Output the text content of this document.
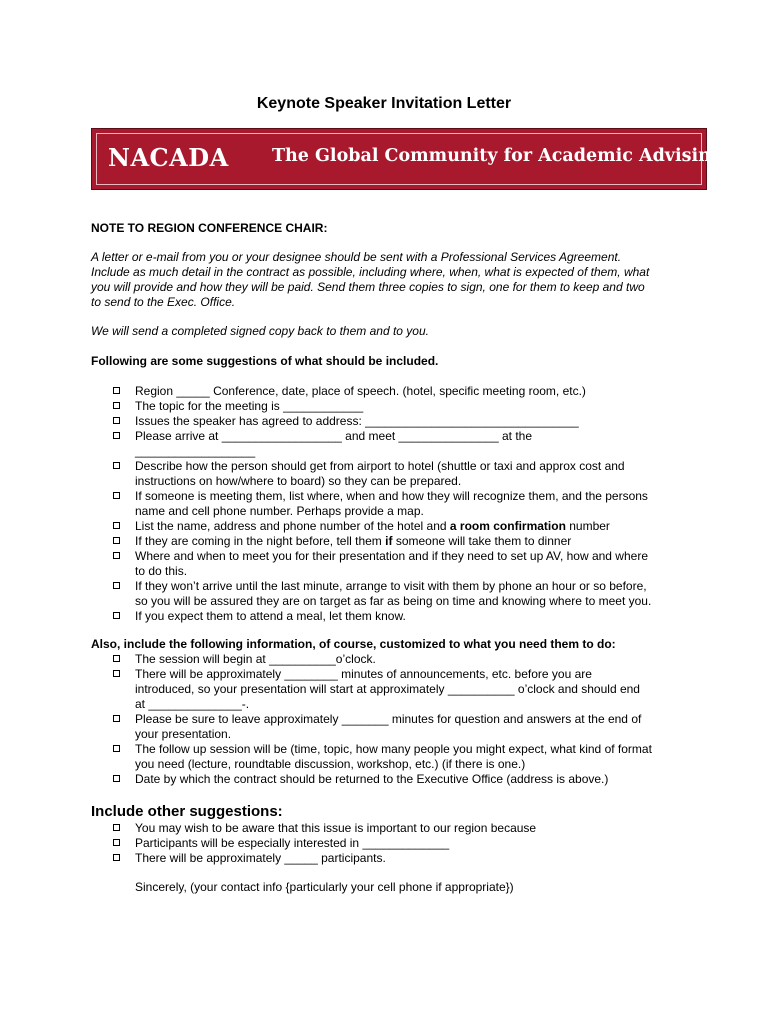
Keynote Speaker Invitation Letter
NACADA The Global Community for Academic Advising
NOTE TO REGION CONFERENCE CHAIR:
A letter or e-mail from you or your designee should be sent with a Professional Services Agreement.
Include as much detail in the contract as possible, including where, when, what is expected of them, what
you will provide and how they will be paid. Send them three copies to sign, one for them to keep and two
to send to the Exec. Office.
We will send a completed signed copy back to them and to you.
Following are some suggestions of what should be included.
Region _____ Conference, date, place of speech. (hotel, specific meeting room, etc.)
The topic for the meeting is ____________
Issues the speaker has agreed to address: ________________________________
Please arrive at __________________ and meet _______________ at the
__________________
Describe how the person should get from airport to hotel (shuttle or taxi and approx cost and
instructions on how/where to board) so they can be prepared.
If someone is meeting them, list where, when and how they will recognize them, and the persons
name and cell phone number. Perhaps provide a map.
List the name, address and phone number of the hotel and a room confirmation number
If they are coming in the night before, tell them if someone will take them to dinner
Where and when to meet you for their presentation and if they need to set up AV, how and where
to do this.
If they won’t arrive until the last minute, arrange to visit with them by phone an hour or so before,
so you will be assured they are on target as far as being on time and knowing where to meet you.
If you expect them to attend a meal, let them know.
Also, include the following information, of course, customized to what you need them to do:
The session will begin at __________o’clock.
There will be approximately ________ minutes of announcements, etc. before you are
introduced, so your presentation will start at approximately __________ o’clock and should end
at ______________-.
Please be sure to leave approximately _______ minutes for question and answers at the end of
your presentation.
The follow up session will be (time, topic, how many people you might expect, what kind of format
you need (lecture, roundtable discussion, workshop, etc.) (if there is one.)
Date by which the contract should be returned to the Executive Office (address is above.)
Include other suggestions:
You may wish to be aware that this issue is important to our region because
Participants will be especially interested in _____________
There will be approximately _____ participants.
Sincerely, (your contact info {particularly your cell phone if appropriate})
